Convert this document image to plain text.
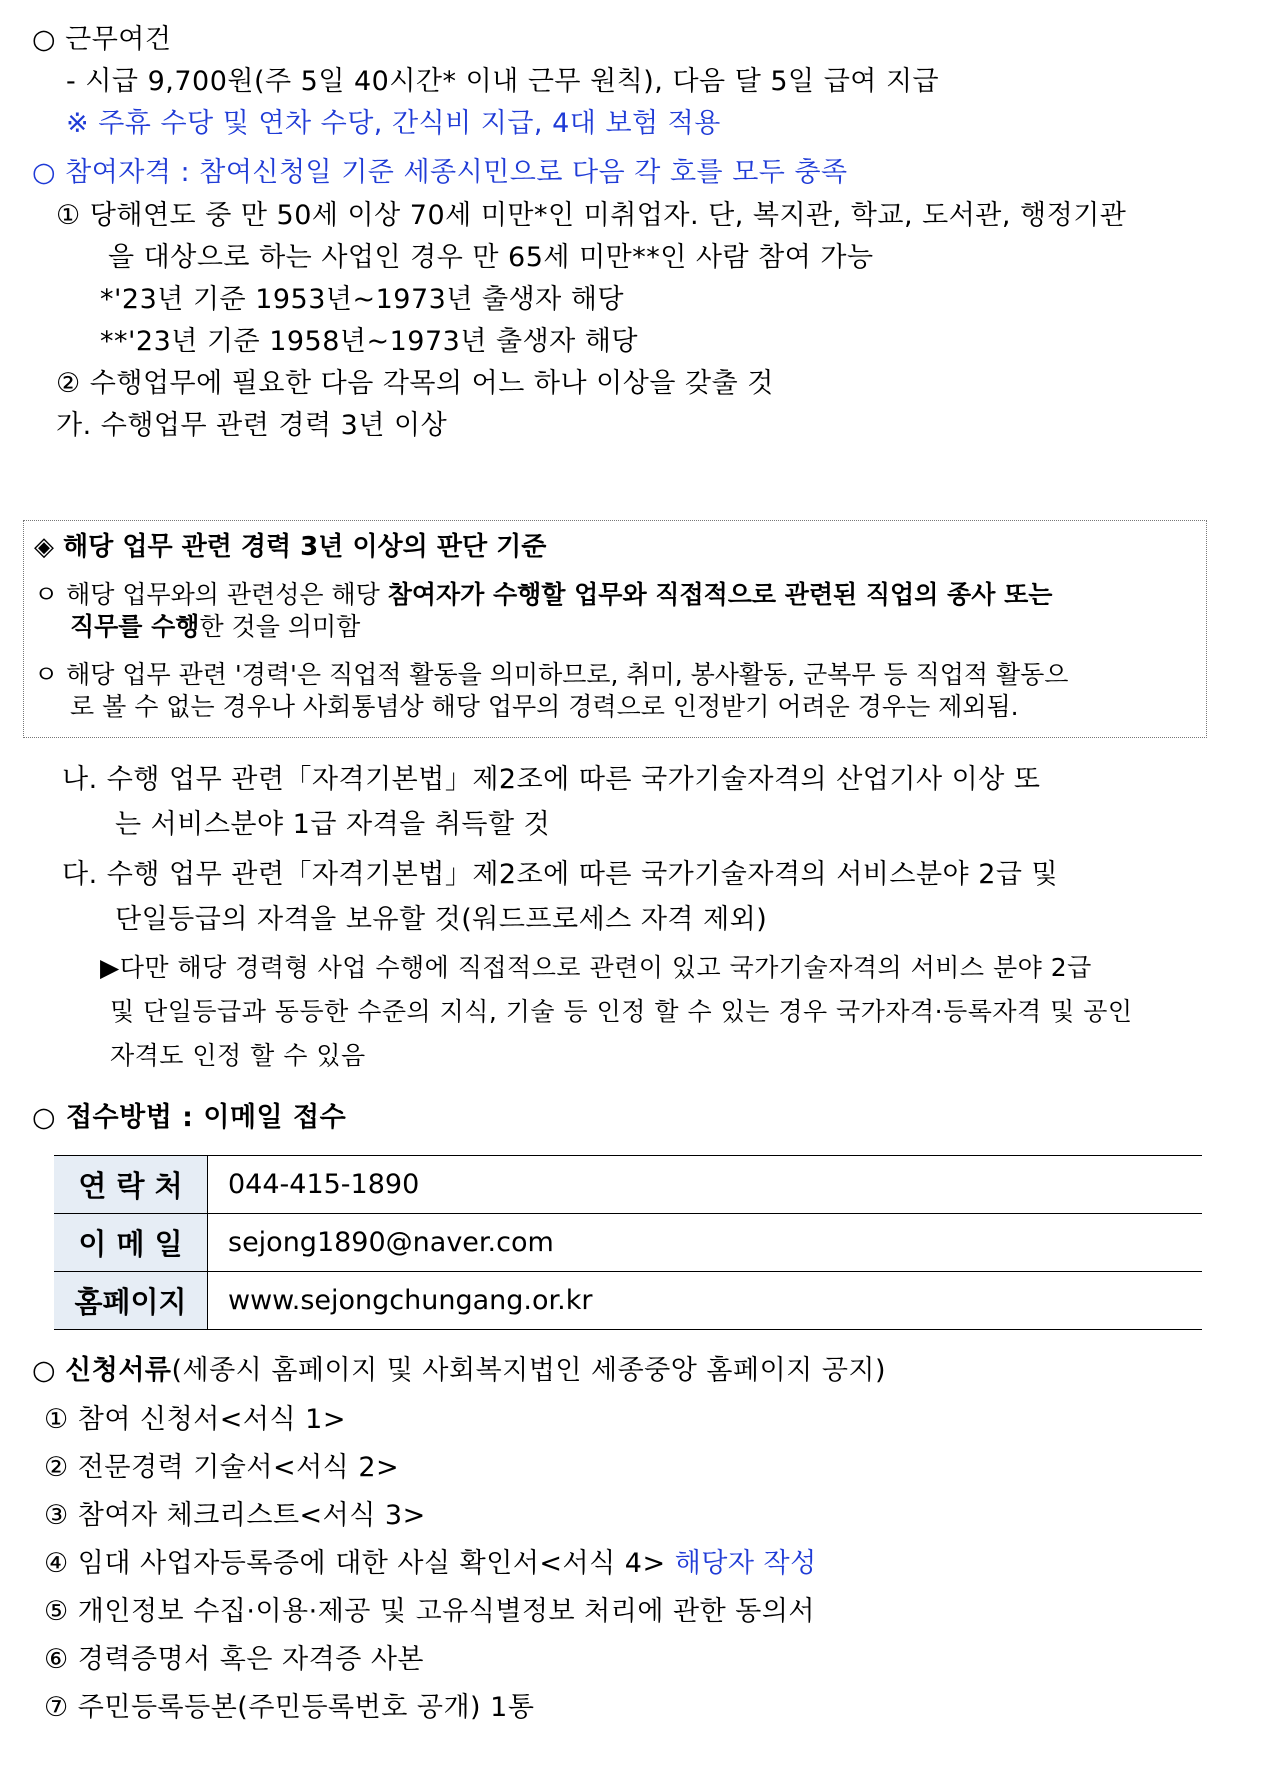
○ 근무여건
- 시급 9,700원(주 5일 40시간* 이내 근무 원칙), 다음 달 5일 급여 지급
※ 주휴 수당 및 연차 수당, 간식비 지급, 4대 보험 적용
○ 참여자격 : 참여신청일 기준 세종시민으로 다음 각 호를 모두 충족
① 당해연도 중 만 50세 이상 70세 미만*인 미취업자. 단, 복지관, 학교, 도서관, 행정기관
을 대상으로 하는 사업인 경우 만 65세 미만**인 사람 참여 가능
*'23년 기준 1953년~1973년 출생자 해당
**'23년 기준 1958년~1973년 출생자 해당
② 수행업무에 필요한 다음 각목의 어느 하나 이상을 갖출 것
가. 수행업무 관련 경력 3년 이상
◈ 해당 업무 관련 경력 3년 이상의 판단 기준
ㅇ 해당 업무와의 관련성은 해당 참여자가 수행할 업무와 직접적으로 관련된 직업의 종사 또는
직무를 수행한 것을 의미함
ㅇ 해당 업무 관련 '경력'은 직업적 활동을 의미하므로, 취미, 봉사활동, 군복무 등 직업적 활동으
로 볼 수 없는 경우나 사회통념상 해당 업무의 경력으로 인정받기 어려운 경우는 제외됨.
나. 수행 업무 관련「자격기본법」제2조에 따른 국가기술자격의 산업기사 이상 또
는 서비스분야 1급 자격을 취득할 것
다. 수행 업무 관련「자격기본법」제2조에 따른 국가기술자격의 서비스분야 2급 및
단일등급의 자격을 보유할 것(워드프로세스 자격 제외)
▶다만 해당 경력형 사업 수행에 직접적으로 관련이 있고 국가기술자격의 서비스 분야 2급
및 단일등급과 동등한 수준의 지식, 기술 등 인정 할 수 있는 경우 국가자격·등록자격 및 공인
자격도 인정 할 수 있음
○ 접수방법 : 이메일 접수
연 락 처	044-415-1890
이 메 일	sejong1890@naver.com
홈페이지	www.sejongchungang.or.kr
○ 신청서류(세종시 홈페이지 및 사회복지법인 세종중앙 홈페이지 공지)
① 참여 신청서<서식 1>
② 전문경력 기술서<서식 2>
③ 참여자 체크리스트<서식 3>
④ 임대 사업자등록증에 대한 사실 확인서<서식 4> 해당자 작성
⑤ 개인정보 수집·이용·제공 및 고유식별정보 처리에 관한 동의서
⑥ 경력증명서 혹은 자격증 사본
⑦ 주민등록등본(주민등록번호 공개) 1통
